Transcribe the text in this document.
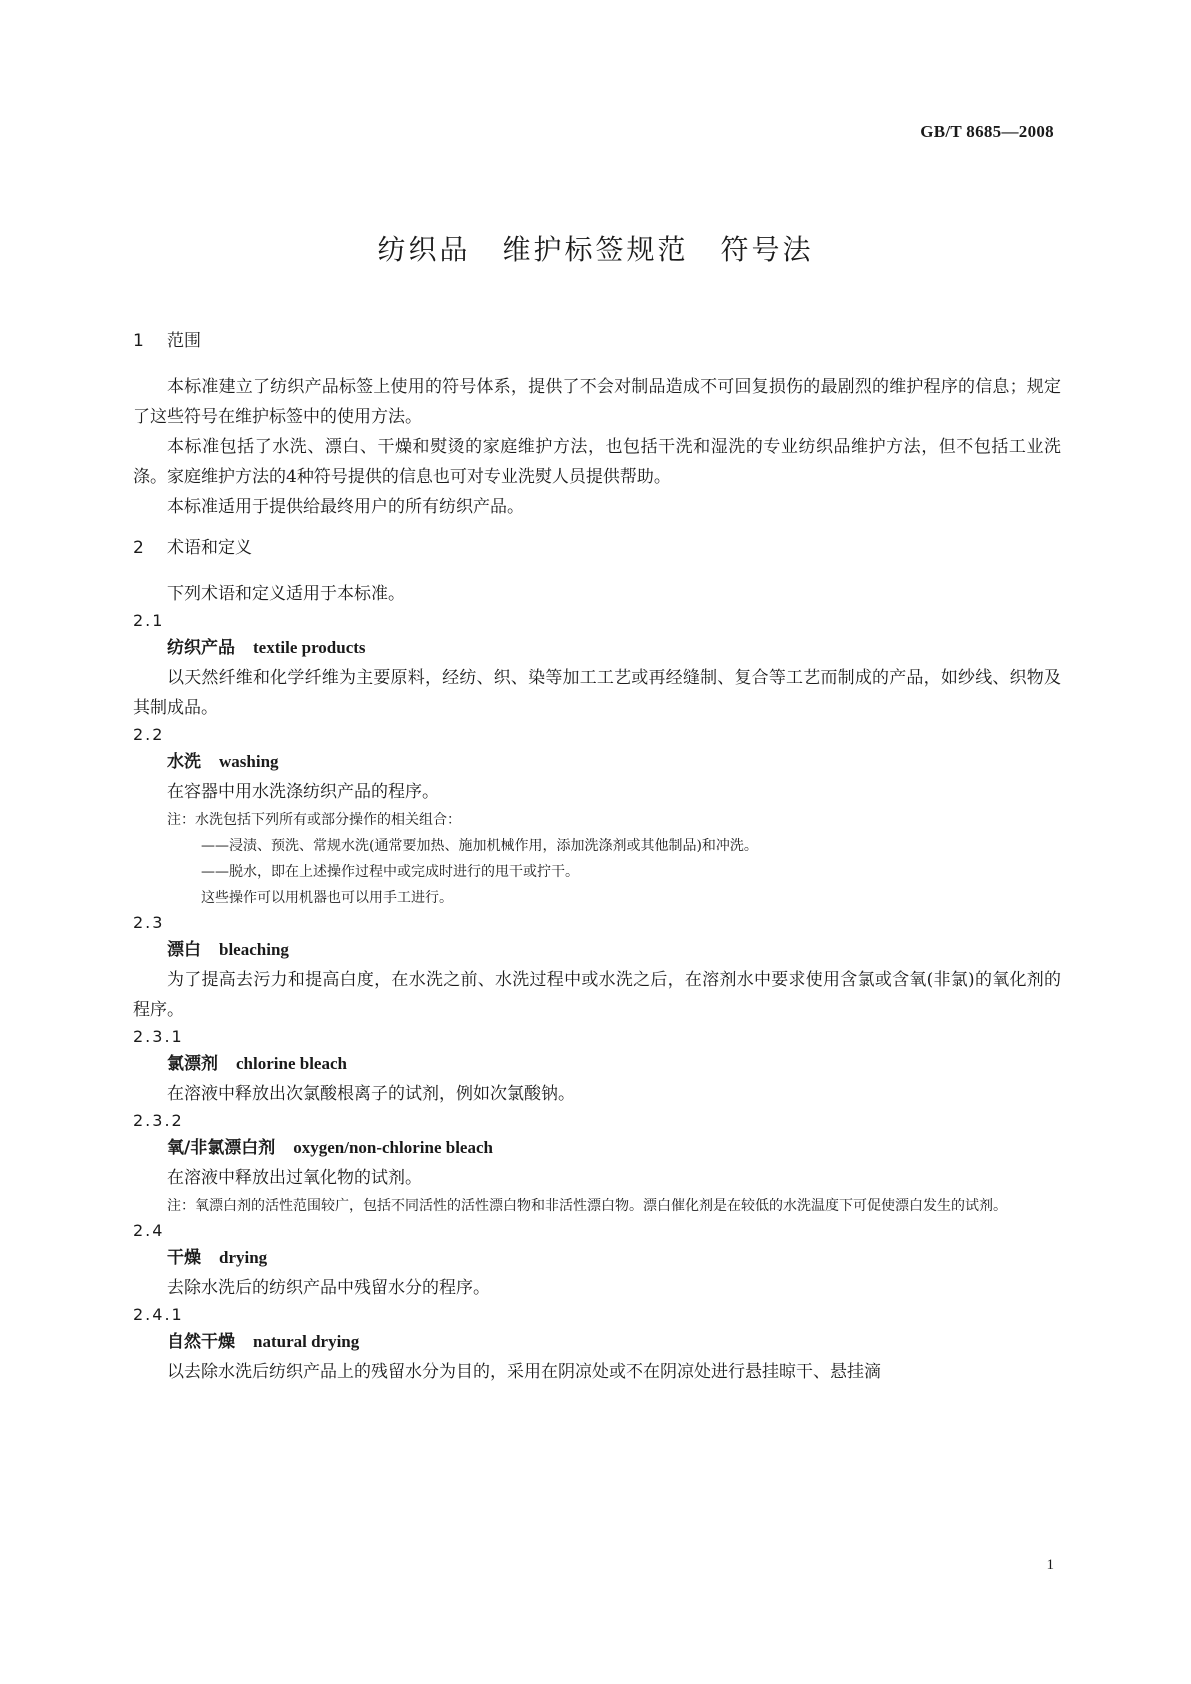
GB/T 8685—2008
纺织品 维护标签规范 符号法

1 范围

本标准建立了纺织产品标签上使用的符号体系，提供了不会对制品造成不可回复损伤的最剧烈的维护程序的信息；规定了这些符号在维护标签中的使用方法。

本标准包括了水洗、漂白、干燥和熨烫的家庭维护方法，也包括干洗和湿洗的专业纺织品维护方法，但不包括工业洗涤。家庭维护方法的4种符号提供的信息也可对专业洗熨人员提供帮助。

本标准适用于提供给最终用户的所有纺织产品。

2 术语和定义

下列术语和定义适用于本标准。

2.1

纺织产品 textile products

以天然纤维和化学纤维为主要原料，经纺、织、染等加工工艺或再经缝制、复合等工艺而制成的产品，如纱线、织物及其制成品。

2.2

水洗 washing

在容器中用水洗涤纺织产品的程序。

注：水洗包括下列所有或部分操作的相关组合：

——浸渍、预洗、常规水洗(通常要加热、施加机械作用，添加洗涤剂或其他制品)和冲洗。

——脱水，即在上述操作过程中或完成时进行的甩干或拧干。

这些操作可以用机器也可以用手工进行。

2.3

漂白 bleaching

为了提高去污力和提高白度，在水洗之前、水洗过程中或水洗之后，在溶剂水中要求使用含氯或含氧(非氯)的氧化剂的程序。

2.3.1

氯漂剂 chlorine bleach

在溶液中释放出次氯酸根离子的试剂，例如次氯酸钠。

2.3.2

氧/非氯漂白剂 oxygen/non-chlorine bleach

在溶液中释放出过氧化物的试剂。

注：氧漂白剂的活性范围较广，包括不同活性的活性漂白物和非活性漂白物。漂白催化剂是在较低的水洗温度下可促使漂白发生的试剂。

2.4

干燥 drying

去除水洗后的纺织产品中残留水分的程序。

2.4.1

自然干燥 natural drying

以去除水洗后纺织产品上的残留水分为目的，采用在阴凉处或不在阴凉处进行悬挂晾干、悬挂滴

1
